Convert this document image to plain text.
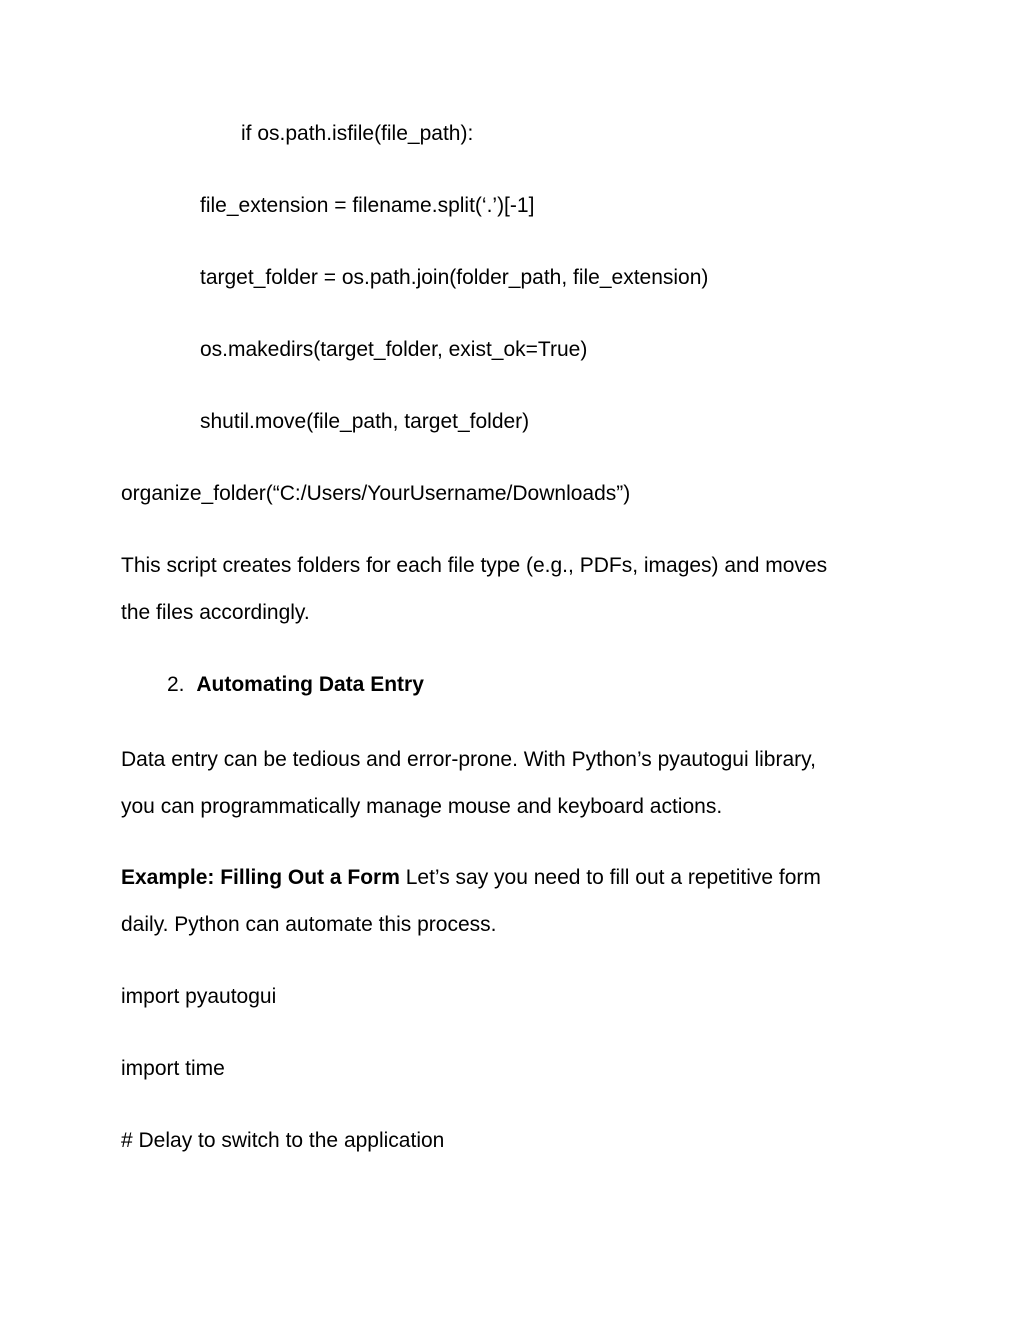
if os.path.isfile(file_path):

file_extension = filename.split(‘.’)[-1]

target_folder = os.path.join(folder_path, file_extension)

os.makedirs(target_folder, exist_ok=True)

shutil.move(file_path, target_folder)

organize_folder(“C:/Users/YourUsername/Downloads”)

This script creates folders for each file type (e.g., PDFs, images) and moves

the files accordingly.

2. Automating Data Entry

Data entry can be tedious and error-prone. With Python’s pyautogui library,

you can programmatically manage mouse and keyboard actions.

Example: Filling Out a Form Let’s say you need to fill out a repetitive form

daily. Python can automate this process.

import pyautogui

import time

# Delay to switch to the application
